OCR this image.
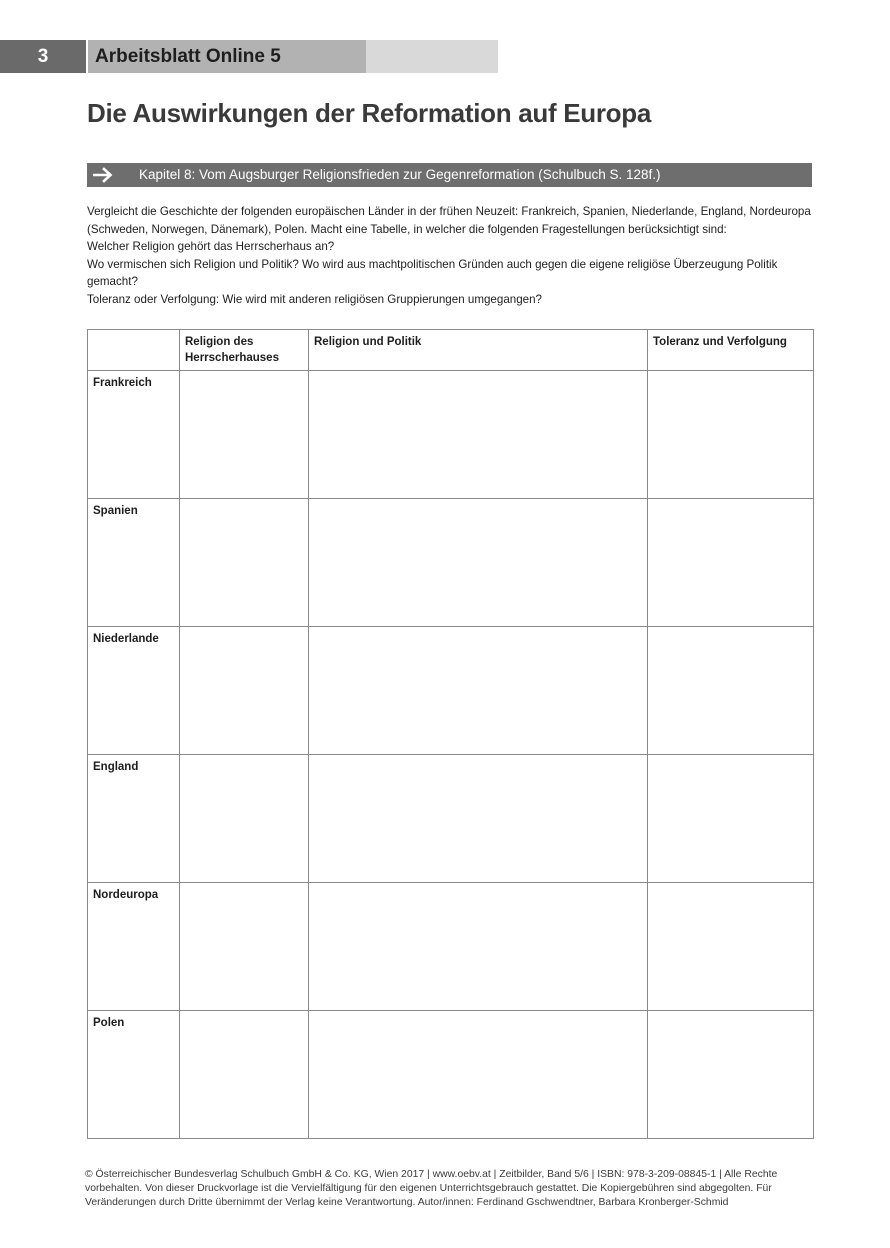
3	Arbeitsblatt Online 5
Die Auswirkungen der Reformation auf Europa
Kapitel 8: Vom Augsburger Religionsfrieden zur Gegenreformation (Schulbuch S. 128f.)

Vergleicht die Geschichte der folgenden europäischen Länder in der frühen Neuzeit: Frankreich, Spanien, Niederlande, England, Nordeuropa (Schweden, Norwegen, Dänemark), Polen. Macht eine Tabelle, in welcher die folgenden Fragestellungen berücksichtigt sind:

Welcher Religion gehört das Herrscherhaus an?

Wo vermischen sich Religion und Politik? Wo wird aus machtpolitischen Gründen auch gegen die eigene religiöse Überzeugung Politik gemacht?

Toleranz oder Verfolgung: Wie wird mit anderen religiösen Gruppierungen umgegangen?

	Religion des Herrscherhauses	Religion und Politik	Toleranz und Verfolgung
Frankreich			
Spanien			
Niederlande			
England			
Nordeuropa			
Polen			

© Österreichischer Bundesverlag Schulbuch GmbH & Co. KG, Wien 2017 | www.oebv.at | Zeitbilder, Band 5/6 | ISBN: 978-3-209-08845-1 | Alle Rechte vorbehalten. Von dieser Druckvorlage ist die Vervielfältigung für den eigenen Unterrichtsgebrauch gestattet. Die Kopiergebühren sind abgegolten. Für Veränderungen durch Dritte übernimmt der Verlag keine Verantwortung. Autor/innen: Ferdinand Gschwendtner, Barbara Kronberger-Schmid
